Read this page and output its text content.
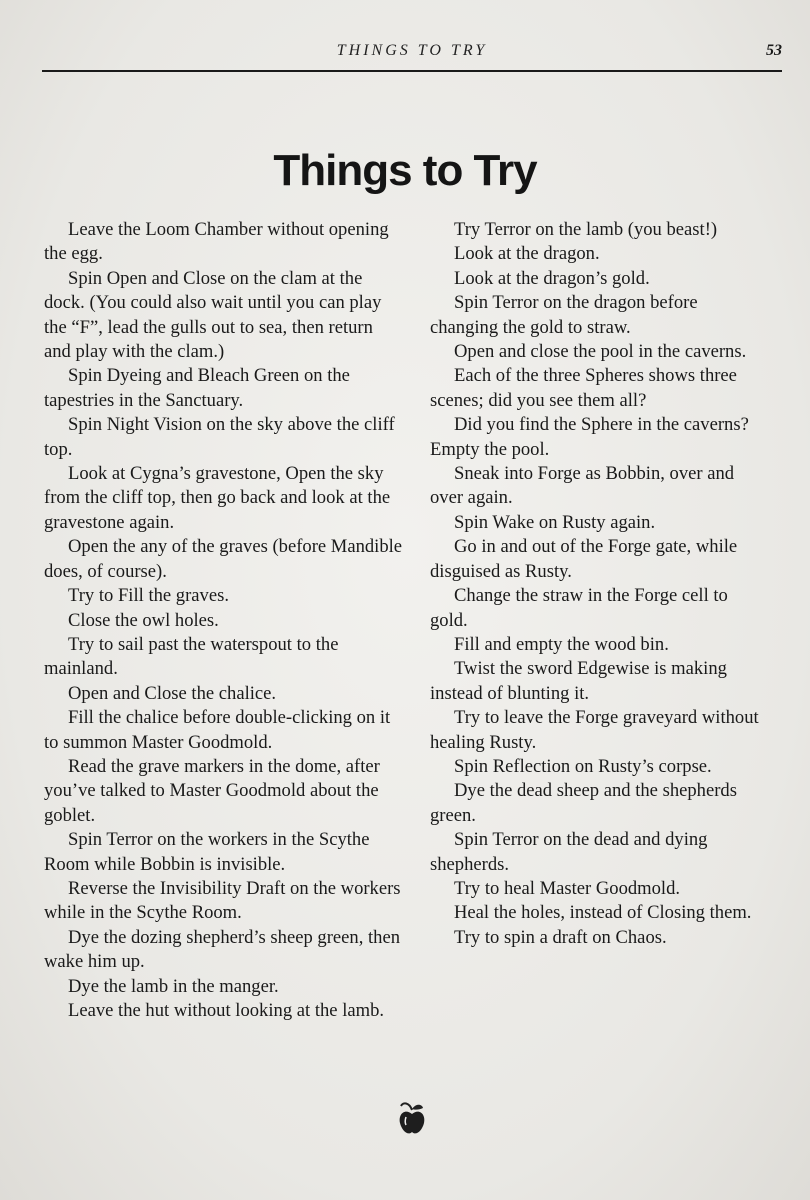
THINGS TO TRY	53
Things to Try

Leave the Loom Chamber without opening the egg.

Spin Open and Close on the clam at the dock. (You could also wait until you can play the “F”, lead the gulls out to sea, then return and play with the clam.)

Spin Dyeing and Bleach Green on the tapestries in the Sanctuary.

Spin Night Vision on the sky above the cliff top.

Look at Cygna’s gravestone, Open the sky from the cliff top, then go back and look at the gravestone again.

Open the any of the graves (before Mandible does, of course).

Try to Fill the graves.

Close the owl holes.

Try to sail past the waterspout to the mainland.

Open and Close the chalice.

Fill the chalice before double-clicking on it to summon Master Goodmold.

Read the grave markers in the dome, after you’ve talked to Master Goodmold about the goblet.

Spin Terror on the workers in the Scythe Room while Bobbin is invisible.

Reverse the Invisibility Draft on the workers while in the Scythe Room.

Dye the dozing shepherd’s sheep green, then wake him up.

Dye the lamb in the manger.

Leave the hut without looking at the lamb.

Try Terror on the lamb (you beast!)

Look at the dragon.

Look at the dragon’s gold.

Spin Terror on the dragon before changing the gold to straw.

Open and close the pool in the caverns.

Each of the three Spheres shows three scenes; did you see them all?

Did you find the Sphere in the caverns? Empty the pool.

Sneak into Forge as Bobbin, over and over again.

Spin Wake on Rusty again.

Go in and out of the Forge gate, while disguised as Rusty.

Change the straw in the Forge cell to gold.

Fill and empty the wood bin.

Twist the sword Edgewise is making instead of blunting it.

Try to leave the Forge graveyard without healing Rusty.

Spin Reflection on Rusty’s corpse.

Dye the dead sheep and the shepherds green.

Spin Terror on the dead and dying shepherds.

Try to heal Master Goodmold.

Heal the holes, instead of Closing them.

Try to spin a draft on Chaos.
